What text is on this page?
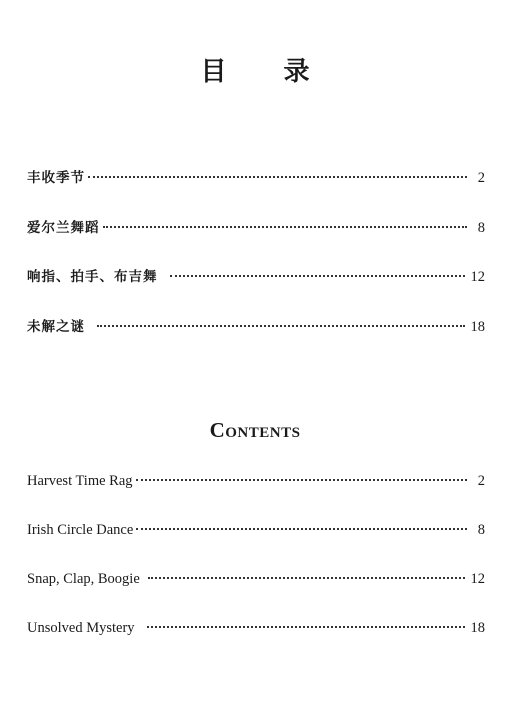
目 录
丰收季节	2
爱尔兰舞蹈	8
响指、拍手、布吉舞	12
未解之谜	18
Contents
Harvest Time Rag	2
Irish Circle Dance	8
Snap, Clap, Boogie	12
Unsolved Mystery	18
